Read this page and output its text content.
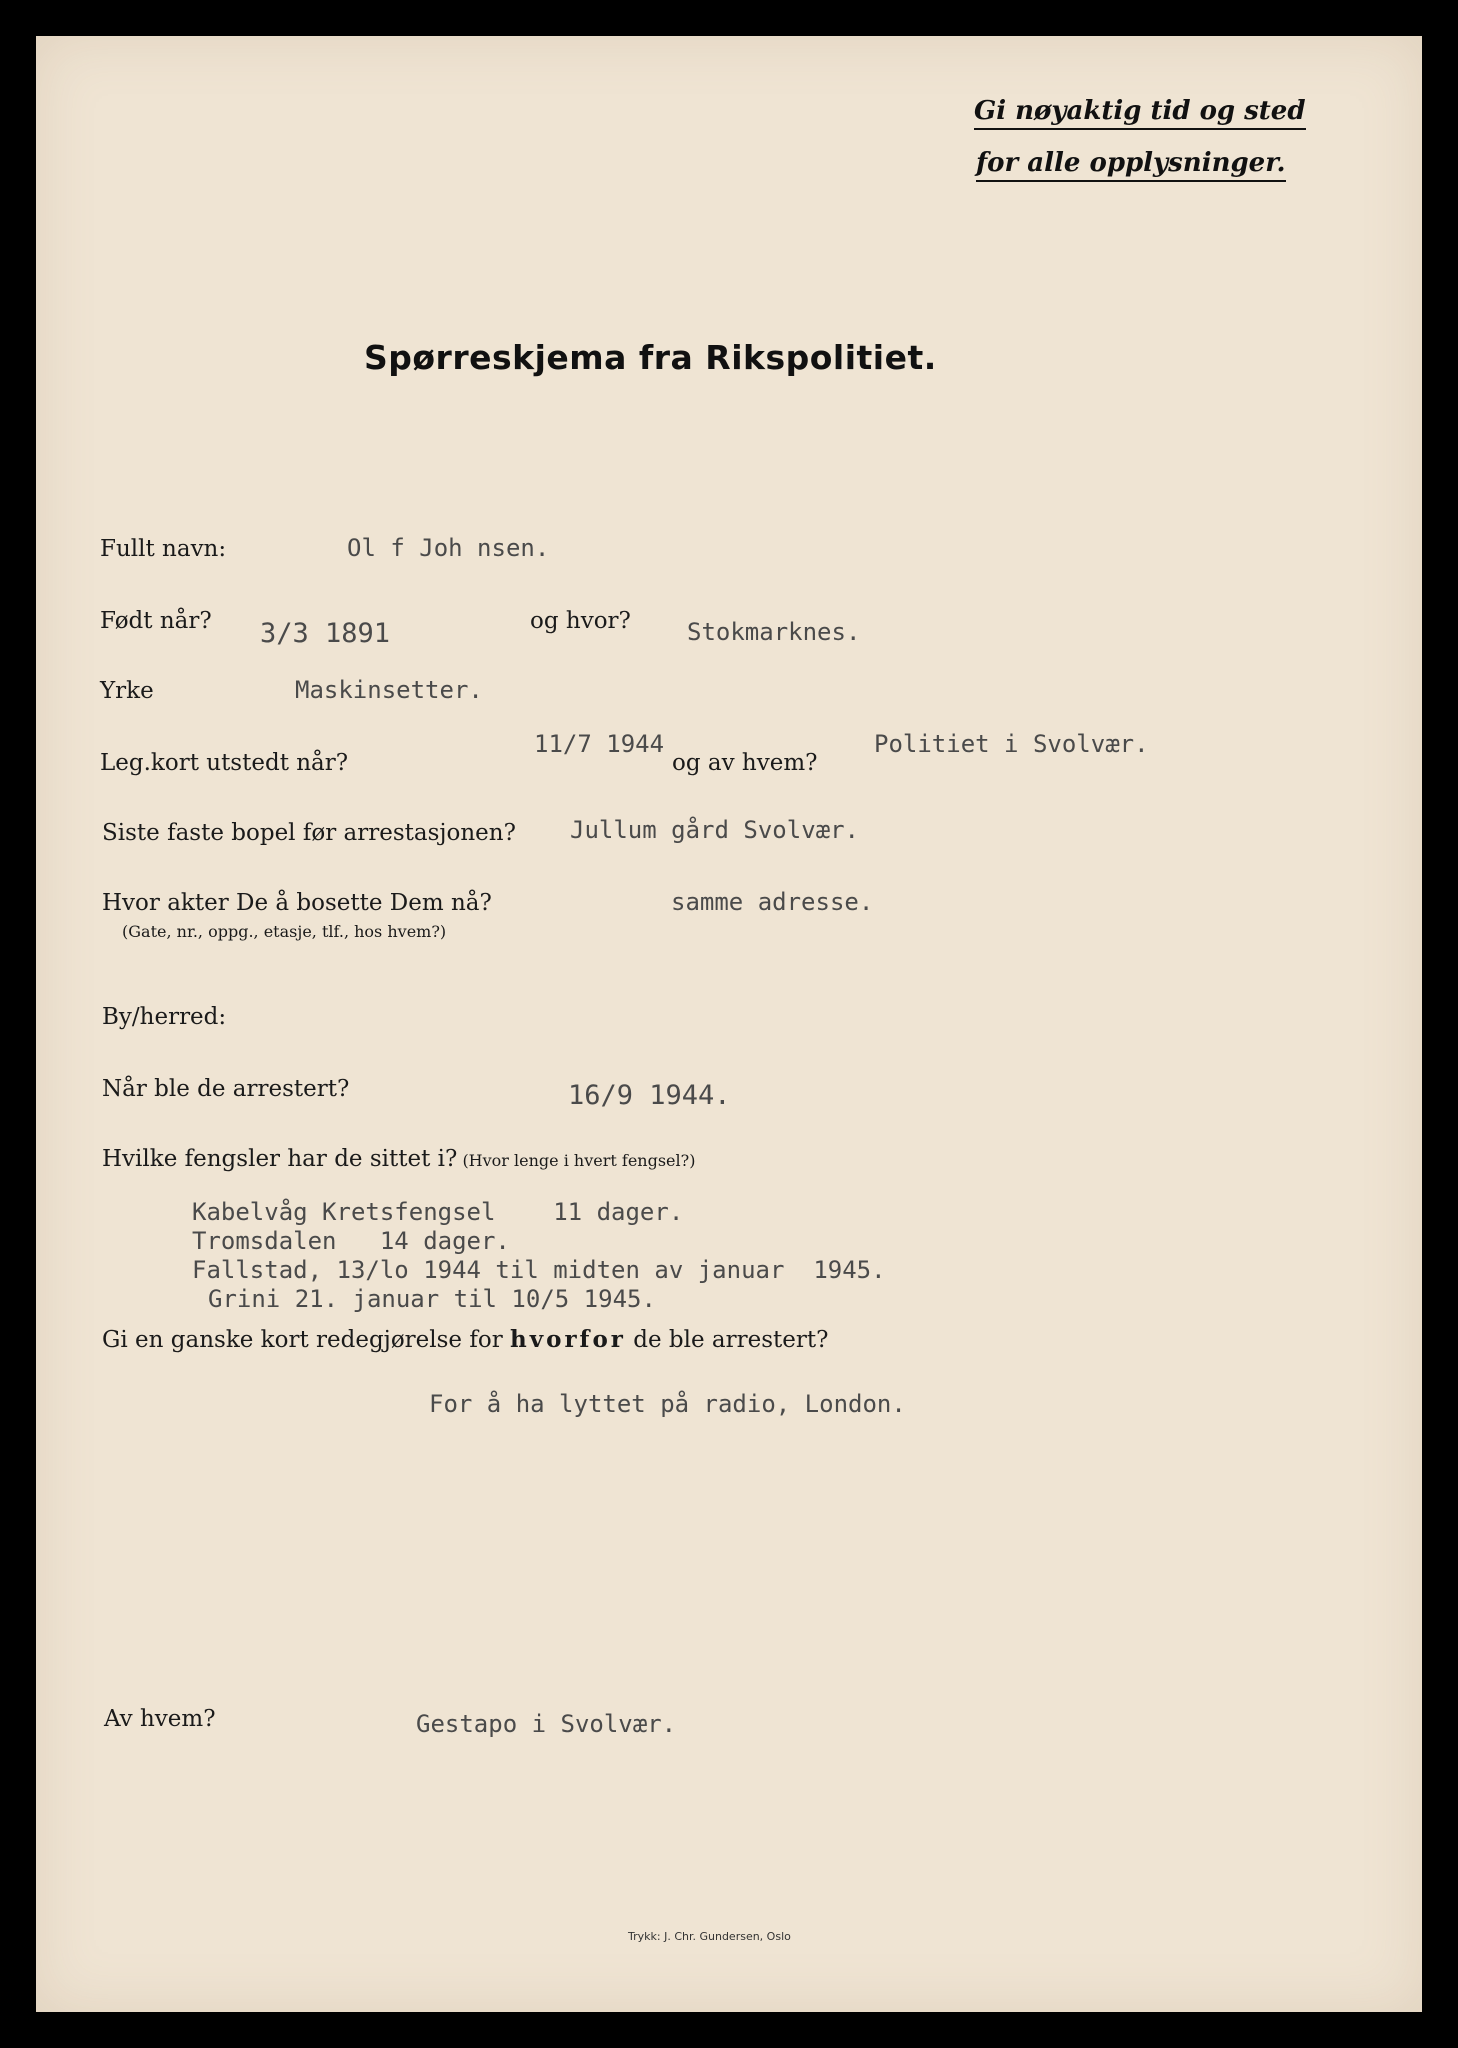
Gi nøyaktig tid og sted
for alle opplysninger.
Spørreskjema fra Rikspolitiet.
Fullt navn:	Ol f Joh nsen.
Født når? 3/3 1891	og hvor? Stokmarknes.
Yrke	Maskinsetter.
Leg.kort utstedt når?
11/7 1944
og av hvem?
Politiet i Svolvær.
Siste faste bopel før arrestasjonen? Jullum gård Svolvær.
Hvor akter De å bosette Dem nå?
(Gate, nr., oppg., etasje, tlf., hos hvem?)
samme adresse.
By/herred:
Når ble de arrestert?	16/9 1944.
Hvilke fengsler har de sittet i? (Hvor lenge i hvert fengsel?)
Kabelvåg Kretsfengsel    11 dager.
Tromsdalen   14 dager.
Fallstad, 13/lo 1944 til midten av januar  1945.
Grini 21. januar til 10/5 1945.
Gi en ganske kort redegjørelse for hvorfor de ble arrestert?
For å ha lyttet på radio, London.
Av hvem?	Gestapo i Svolvær.
Trykk: J. Chr. Gundersen, Oslo
